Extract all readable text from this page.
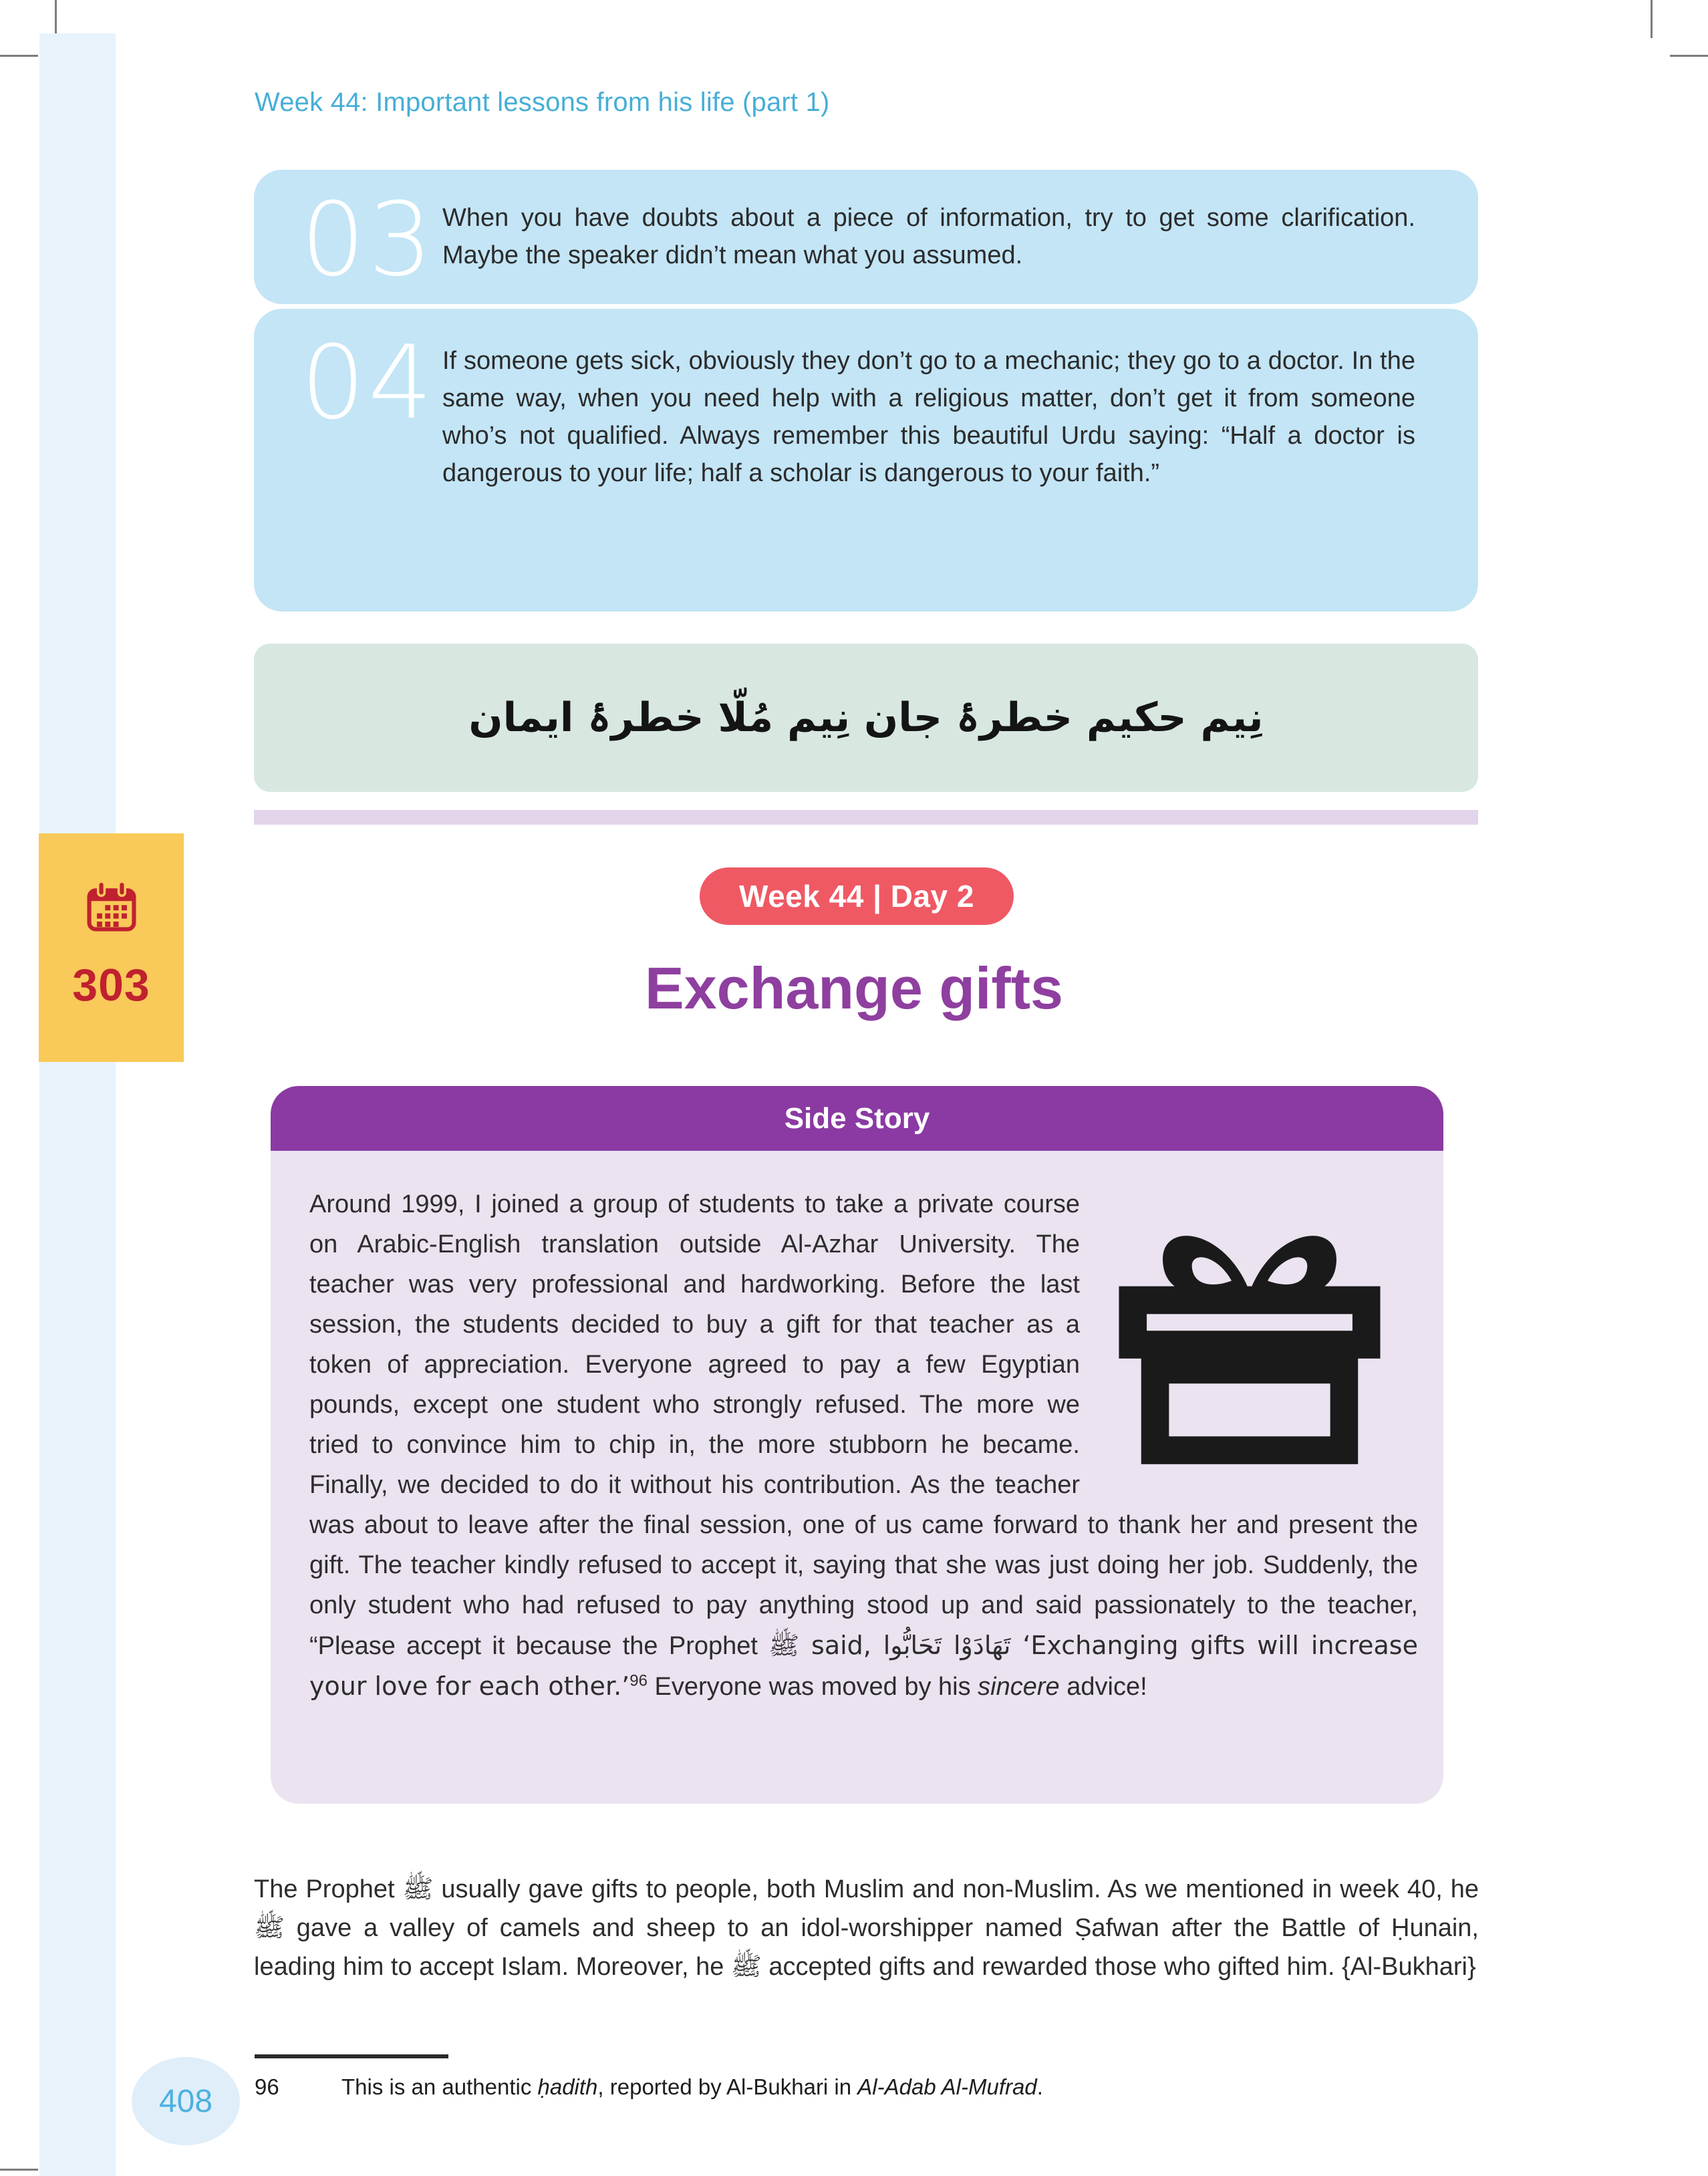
Week 44: Important lessons from his life (part 1)
03 When you have doubts about a piece of information, try to get some clarification. Maybe the speaker didn’t mean what you assumed.

04 If someone gets sick, obviously they don’t go to a mechanic; they go to a doctor. In the same way, when you need help with a religious matter, don’t get it from someone who’s not qualified. Always remember this beautiful Urdu saying: “Half a doctor is dangerous to your life; half a scholar is dangerous to your faith.”

نِیم حکیم خطرۂ جان نِیم مُلّا خطرۂ ایمان
Week 44 | Day 2
Exchange gifts
Side Story

Around 1999, I joined a group of students to take a private course on Arabic-English translation outside Al-Azhar University. The teacher was very professional and hardworking. Before the last session, the students decided to buy a gift for that teacher as a token of appreciation. Everyone agreed to pay a few Egyptian pounds, except one student who strongly refused. The more we tried to convince him to chip in, the more stubborn he became. Finally, we decided to do it without his contribution. As the teacher was about to leave after the final session, one of us came forward to thank her and present the gift. The teacher kindly refused to accept it, saying that she was just doing her job. Suddenly, the only student who had refused to pay anything stood up and said passionately to the teacher, “Please accept it because the Prophet ﷺ said, تَهَادَوْا تَحَابُّوا ‘Exchanging gifts will increase your love for each other.’$^{96}$ Everyone was moved by his sincere advice!

The Prophet ﷺ usually gave gifts to people, both Muslim and non-Muslim. As we mentioned in week 40, he ﷺ gave a valley of camels and sheep to an idol-worshipper named Ṣafwan after the Battle of Ḥunain, leading him to accept Islam. Moreover, he ﷺ accepted gifts and rewarded those who gifted him. {Al-Bukhari}

96	This is an authentic ḥadith, reported by Al-Bukhari in Al-Adab Al-Mufrad.
303
408
